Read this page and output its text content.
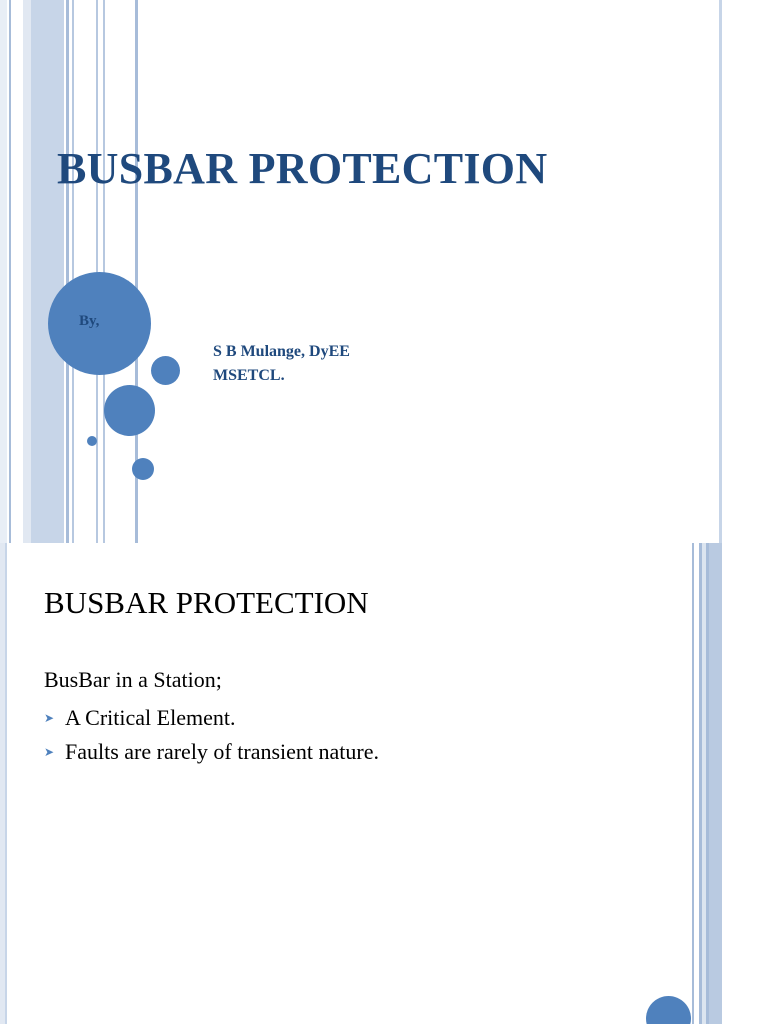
BUSBAR PROTECTION
By,
S B Mulange, DyEE
MSETCL.
BUSBAR PROTECTION
BusBar in a Station;
➤ A Critical Element.
➤ Faults are rarely of transient nature.
